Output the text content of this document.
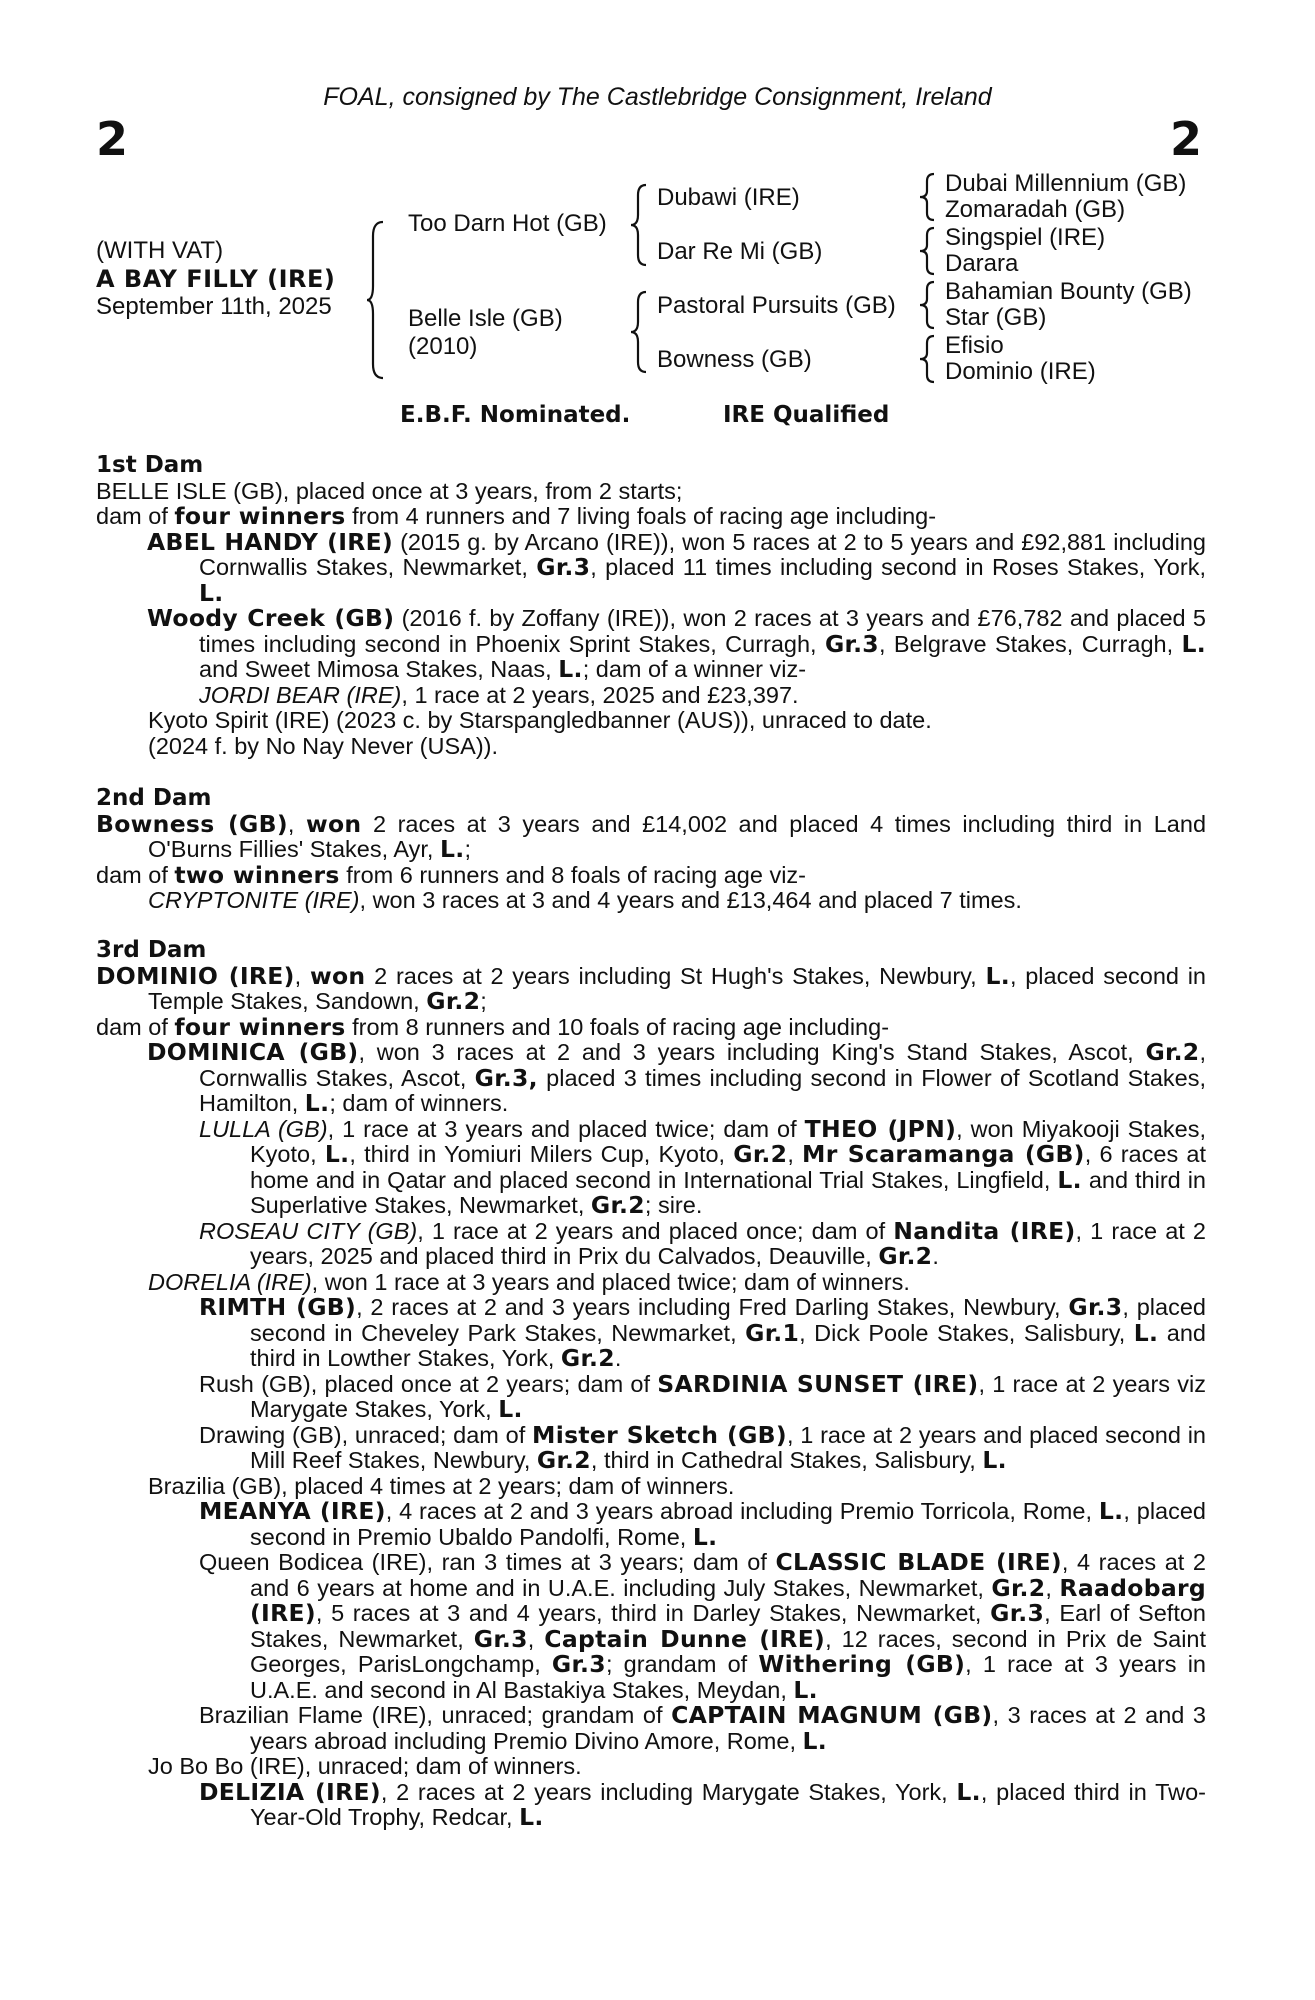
FOAL, consigned by The Castlebridge Consignment, Ireland
2	2
(WITH VAT)
A BAY FILLY (IRE)
September 11th, 2025
Too Darn Hot (GB)
Belle Isle (GB)
(2010)
Dubawi (IRE)
Dar Re Mi (GB)
Pastoral Pursuits (GB)
Bowness (GB)
Dubai Millennium (GB)
Zomaradah (GB)
Singspiel (IRE)
Darara
Bahamian Bounty (GB)
Star (GB)
Efisio
Dominio (IRE)
E.B.F. Nominated.	IRE Qualified
1st Dam
BELLE ISLE (GB), placed once at 3 years, from 2 starts;
dam of four winners from 4 runners and 7 living foals of racing age including-
ABEL HANDY (IRE) (2015 g. by Arcano (IRE)), won 5 races at 2 to 5 years and £92,881 including Cornwallis Stakes, Newmarket, Gr.3, placed 11 times including second in Roses Stakes, York, L.
Woody Creek (GB) (2016 f. by Zoffany (IRE)), won 2 races at 3 years and £76,782 and placed 5 times including second in Phoenix Sprint Stakes, Curragh, Gr.3, Belgrave Stakes, Curragh, L. and Sweet Mimosa Stakes, Naas, L.; dam of a winner viz-
JORDI BEAR (IRE), 1 race at 2 years, 2025 and £23,397.
Kyoto Spirit (IRE) (2023 c. by Starspangledbanner (AUS)), unraced to date.
(2024 f. by No Nay Never (USA)).
2nd Dam
Bowness (GB), won 2 races at 3 years and £14,002 and placed 4 times including third in Land O'Burns Fillies' Stakes, Ayr, L.;
dam of two winners from 6 runners and 8 foals of racing age viz-
CRYPTONITE (IRE), won 3 races at 3 and 4 years and £13,464 and placed 7 times.
3rd Dam
DOMINIO (IRE), won 2 races at 2 years including St Hugh's Stakes, Newbury, L., placed second in Temple Stakes, Sandown, Gr.2;
dam of four winners from 8 runners and 10 foals of racing age including-
DOMINICA (GB), won 3 races at 2 and 3 years including King's Stand Stakes, Ascot, Gr.2, Cornwallis Stakes, Ascot, Gr.3, placed 3 times including second in Flower of Scotland Stakes, Hamilton, L.; dam of winners.
LULLA (GB), 1 race at 3 years and placed twice; dam of THEO (JPN), won Miyakooji Stakes, Kyoto, L., third in Yomiuri Milers Cup, Kyoto, Gr.2, Mr Scaramanga (GB), 6 races at home and in Qatar and placed second in International Trial Stakes, Lingfield, L. and third in Superlative Stakes, Newmarket, Gr.2; sire.
ROSEAU CITY (GB), 1 race at 2 years and placed once; dam of Nandita (IRE), 1 race at 2 years, 2025 and placed third in Prix du Calvados, Deauville, Gr.2.
DORELIA (IRE), won 1 race at 3 years and placed twice; dam of winners.
RIMTH (GB), 2 races at 2 and 3 years including Fred Darling Stakes, Newbury, Gr.3, placed second in Cheveley Park Stakes, Newmarket, Gr.1, Dick Poole Stakes, Salisbury, L. and third in Lowther Stakes, York, Gr.2.
Rush (GB), placed once at 2 years; dam of SARDINIA SUNSET (IRE), 1 race at 2 years viz Marygate Stakes, York, L.
Drawing (GB), unraced; dam of Mister Sketch (GB), 1 race at 2 years and placed second in Mill Reef Stakes, Newbury, Gr.2, third in Cathedral Stakes, Salisbury, L.
Brazilia (GB), placed 4 times at 2 years; dam of winners.
MEANYA (IRE), 4 races at 2 and 3 years abroad including Premio Torricola, Rome, L., placed second in Premio Ubaldo Pandolfi, Rome, L.
Queen Bodicea (IRE), ran 3 times at 3 years; dam of CLASSIC BLADE (IRE), 4 races at 2 and 6 years at home and in U.A.E. including July Stakes, Newmarket, Gr.2, Raadobarg (IRE), 5 races at 3 and 4 years, third in Darley Stakes, Newmarket, Gr.3, Earl of Sefton Stakes, Newmarket, Gr.3, Captain Dunne (IRE), 12 races, second in Prix de Saint Georges, ParisLongchamp, Gr.3; grandam of Withering (GB), 1 race at 3 years in U.A.E. and second in Al Bastakiya Stakes, Meydan, L.
Brazilian Flame (IRE), unraced; grandam of CAPTAIN MAGNUM (GB), 3 races at 2 and 3 years abroad including Premio Divino Amore, Rome, L.
Jo Bo Bo (IRE), unraced; dam of winners.
DELIZIA (IRE), 2 races at 2 years including Marygate Stakes, York, L., placed third in Two-Year-Old Trophy, Redcar, L.
